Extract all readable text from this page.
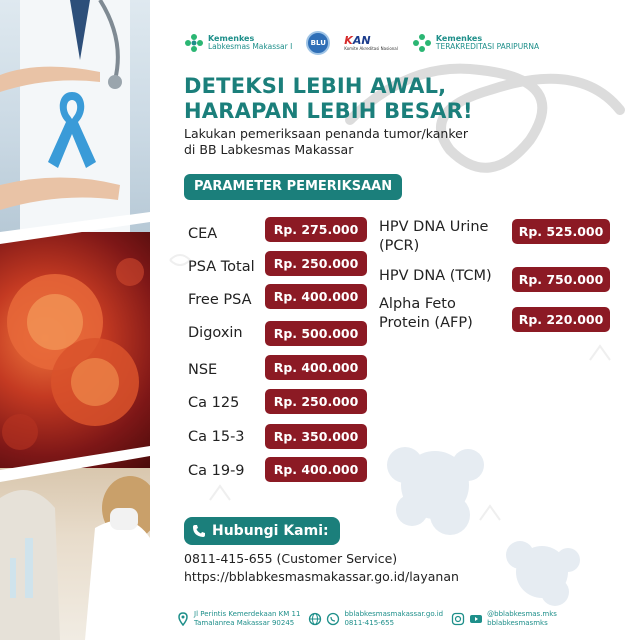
Kemenkes
Labkesmas Makassar I	BLU	KAN
Komite Akreditasi Nasional
Kemenkes
TERAKREDITASI PARIPURNA
DETEKSI LEBIH AWAL,
HARAPAN LEBIH BESAR!
Lakukan pemeriksaan penanda tumor/kanker
di BB Labkesmas Makassar
PARAMETER PEMERIKSAAN
CEA	Rp. 275.000
PSA Total	Rp. 250.000
Free PSA	Rp. 400.000
Digoxin	Rp. 500.000
NSE	Rp. 400.000
Ca 125	Rp. 250.000
Ca 15-3	Rp. 350.000
Ca 19-9	Rp. 400.000
HPV DNA Urine
(PCR)
Rp. 525.000
HPV DNA (TCM)	Rp. 750.000
Alpha Feto
Protein (AFP)	Rp. 220.000
Hubungi Kami:
0811-415-655 (Customer Service)
https://bblabkesmasmakassar.go.id/layanan
Jl Perintis Kemerdekaan KM 11
Tamalanrea Makassar 90245
bblabkesmasmakassar.go.id
0811-415-655
@bblabkesmas.mks
bblabkesmasmks
